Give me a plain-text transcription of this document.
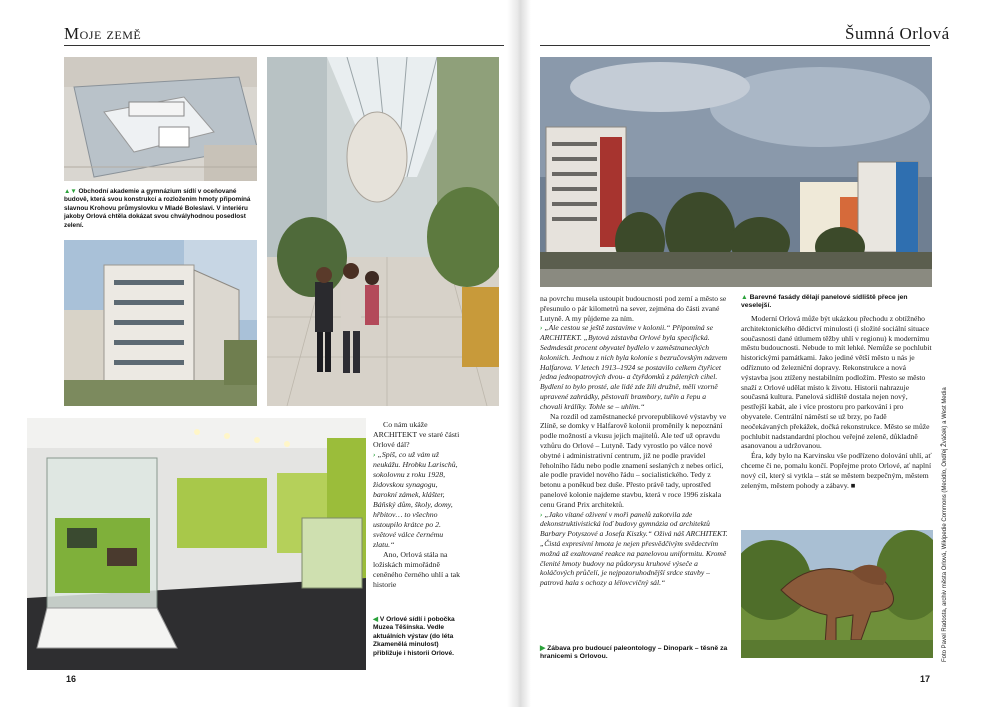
Moje země	Šumná Orlová
▲▼ Obchodní akademie a gymnázium sídlí v oceňované budově, která svou konstrukcí a rozložením hmoty připomíná slavnou Krohovu průmyslovku v Mladé Boleslavi. V interiéru jakoby Orlová chtěla dokázat svou chvályhodnou posedlost zelení.

Co nám ukáže ARCHITEKT ve staré části Orlové dál?

› „Spíš, co už vám už neukážu. Hrobku Larischů, sokolovnu z roku 1928, židovskou synagogu, barokní zámek, klášter, Báňský dům, školy, domy, hřbitov… to všechno ustoupilo krátce po 2. světové válce černému zlatu.“

Ano, Orlová stála na ložiskách mimořádně ceněného černého uhlí a tak historie

◀ V Orlové sídlí i pobočka Muzea Těšínska. Vedle aktuálních výstav (do léta Zkamenělá minulost) přibližuje i historii Orlové.
16
▲ Barevné fasády dělají panelové sídliště přece jen veselejší.

na povrchu musela ustoupit budoucnosti pod zemí a město se přesunulo o pár kilometrů na sever, zejména do části zvané Lutyně. A my půjdeme za ním.

› „Ale cestou se ještě zastavíme v kolonii.“ Připomíná se ARCHITEKT. „Bytová zástavba Orlové byla specifická. Sedmdesát procent obyvatel bydlelo v zaměstnaneckých koloniích. Jednou z nich byla kolonie s bezručovským názvem Halfarova. V letech 1913–1924 se postavilo celkem čtyřicet jedna jednopatrových dvou- a čtyřdomků z pálených cihel. Bydlení to bylo prosté, ale lidé zde žili družně, měli vzorně upravené zahrádky, pěstovali brambory, tuřín a řepu a chovali králíky. Tohle se – uhlím.“

Na rozdíl od zaměstnanecké prvorepublikové výstavby ve Zlíně, se domky v Halfarově kolonii proměnily k nepoznání podle možností a vkusu jejich majitelů. Ale teď už opravdu vzhůru do Orlové – Lutyně. Tady vyrostlo po válce nové obytné i administrativní centrum, již ne podle pravidel řeholního řádu nebo podle znamení seslaných z nebes orlicí, ale podle pravidel nového řádu – socialistického. Tedy z betonu a poněkud bez duše. Přesto právě tady, uprostřed panelové kolonie najdeme stavbu, která v roce 1996 získala cenu Grand Prix architektů.

› „Jako vítané oživení v moři panelů zakotvila zde dekonstruktivistická loď budovy gymnázia od architektů Barbary Potyszové a Josefa Kiszky.“ Oživá náš ARCHITEKT. „Čistá expresivní hmota je nejen přesvědčivým svědectvím možná až exaltované reakce na panelovou uniformitu. Kromě členité hmoty budovy na půdorysu kruhové výseče a koláčových průčelí, je nejpozoruhodnější srdce stavby – patrová hala s ochozy a lélovcvičný sál.“

▶ Zábava pro budoucí paleontology – Dinopark – těsně za hranicemi s Orlovou.

Moderní Orlová může být ukázkou přechodu z obtížného architektonického dědictví minulosti (i složité sociální situace současnosti dané útlumem těžby uhlí v regionu) k modernímu městu budoucnosti. Nebude to mít lehké. Nemůže se pochlubit historickými památkami. Jako jediné větší město u nás je odříznuto od železniční dopravy. Rekonstrukce a nová výstavba jsou ztíženy nestabilním podložím. Přesto se město snaží z Orlové udělat místo k životu. Historii nahrazuje současná kultura. Panelová sídliště dostala nejen nový, pestřejší kabát, ale i více prostoru pro parkování i pro obyvatele. Centrální náměstí se už brzy, po řadě neočekávaných překážek, dočká rekonstrukce. Město se může pochlubit nadstandardní plochou veřejné zeleně, důkladně asanovanou a udržovanou.

Éra, kdy bylo na Karvinsku vše podřízeno dolování uhlí, ať chceme či ne, pomalu končí. Popřejme proto Orlové, ať naplní nový cíl, který si vytkla – stát se městem bezpečným, městem zeleným, městem pohody a zábavy. ■

17
Foto Pavel Radosta, archiv města Orlová, Wikipedie Commons (Mecidlo, Ondřej Žváček) a West Media
